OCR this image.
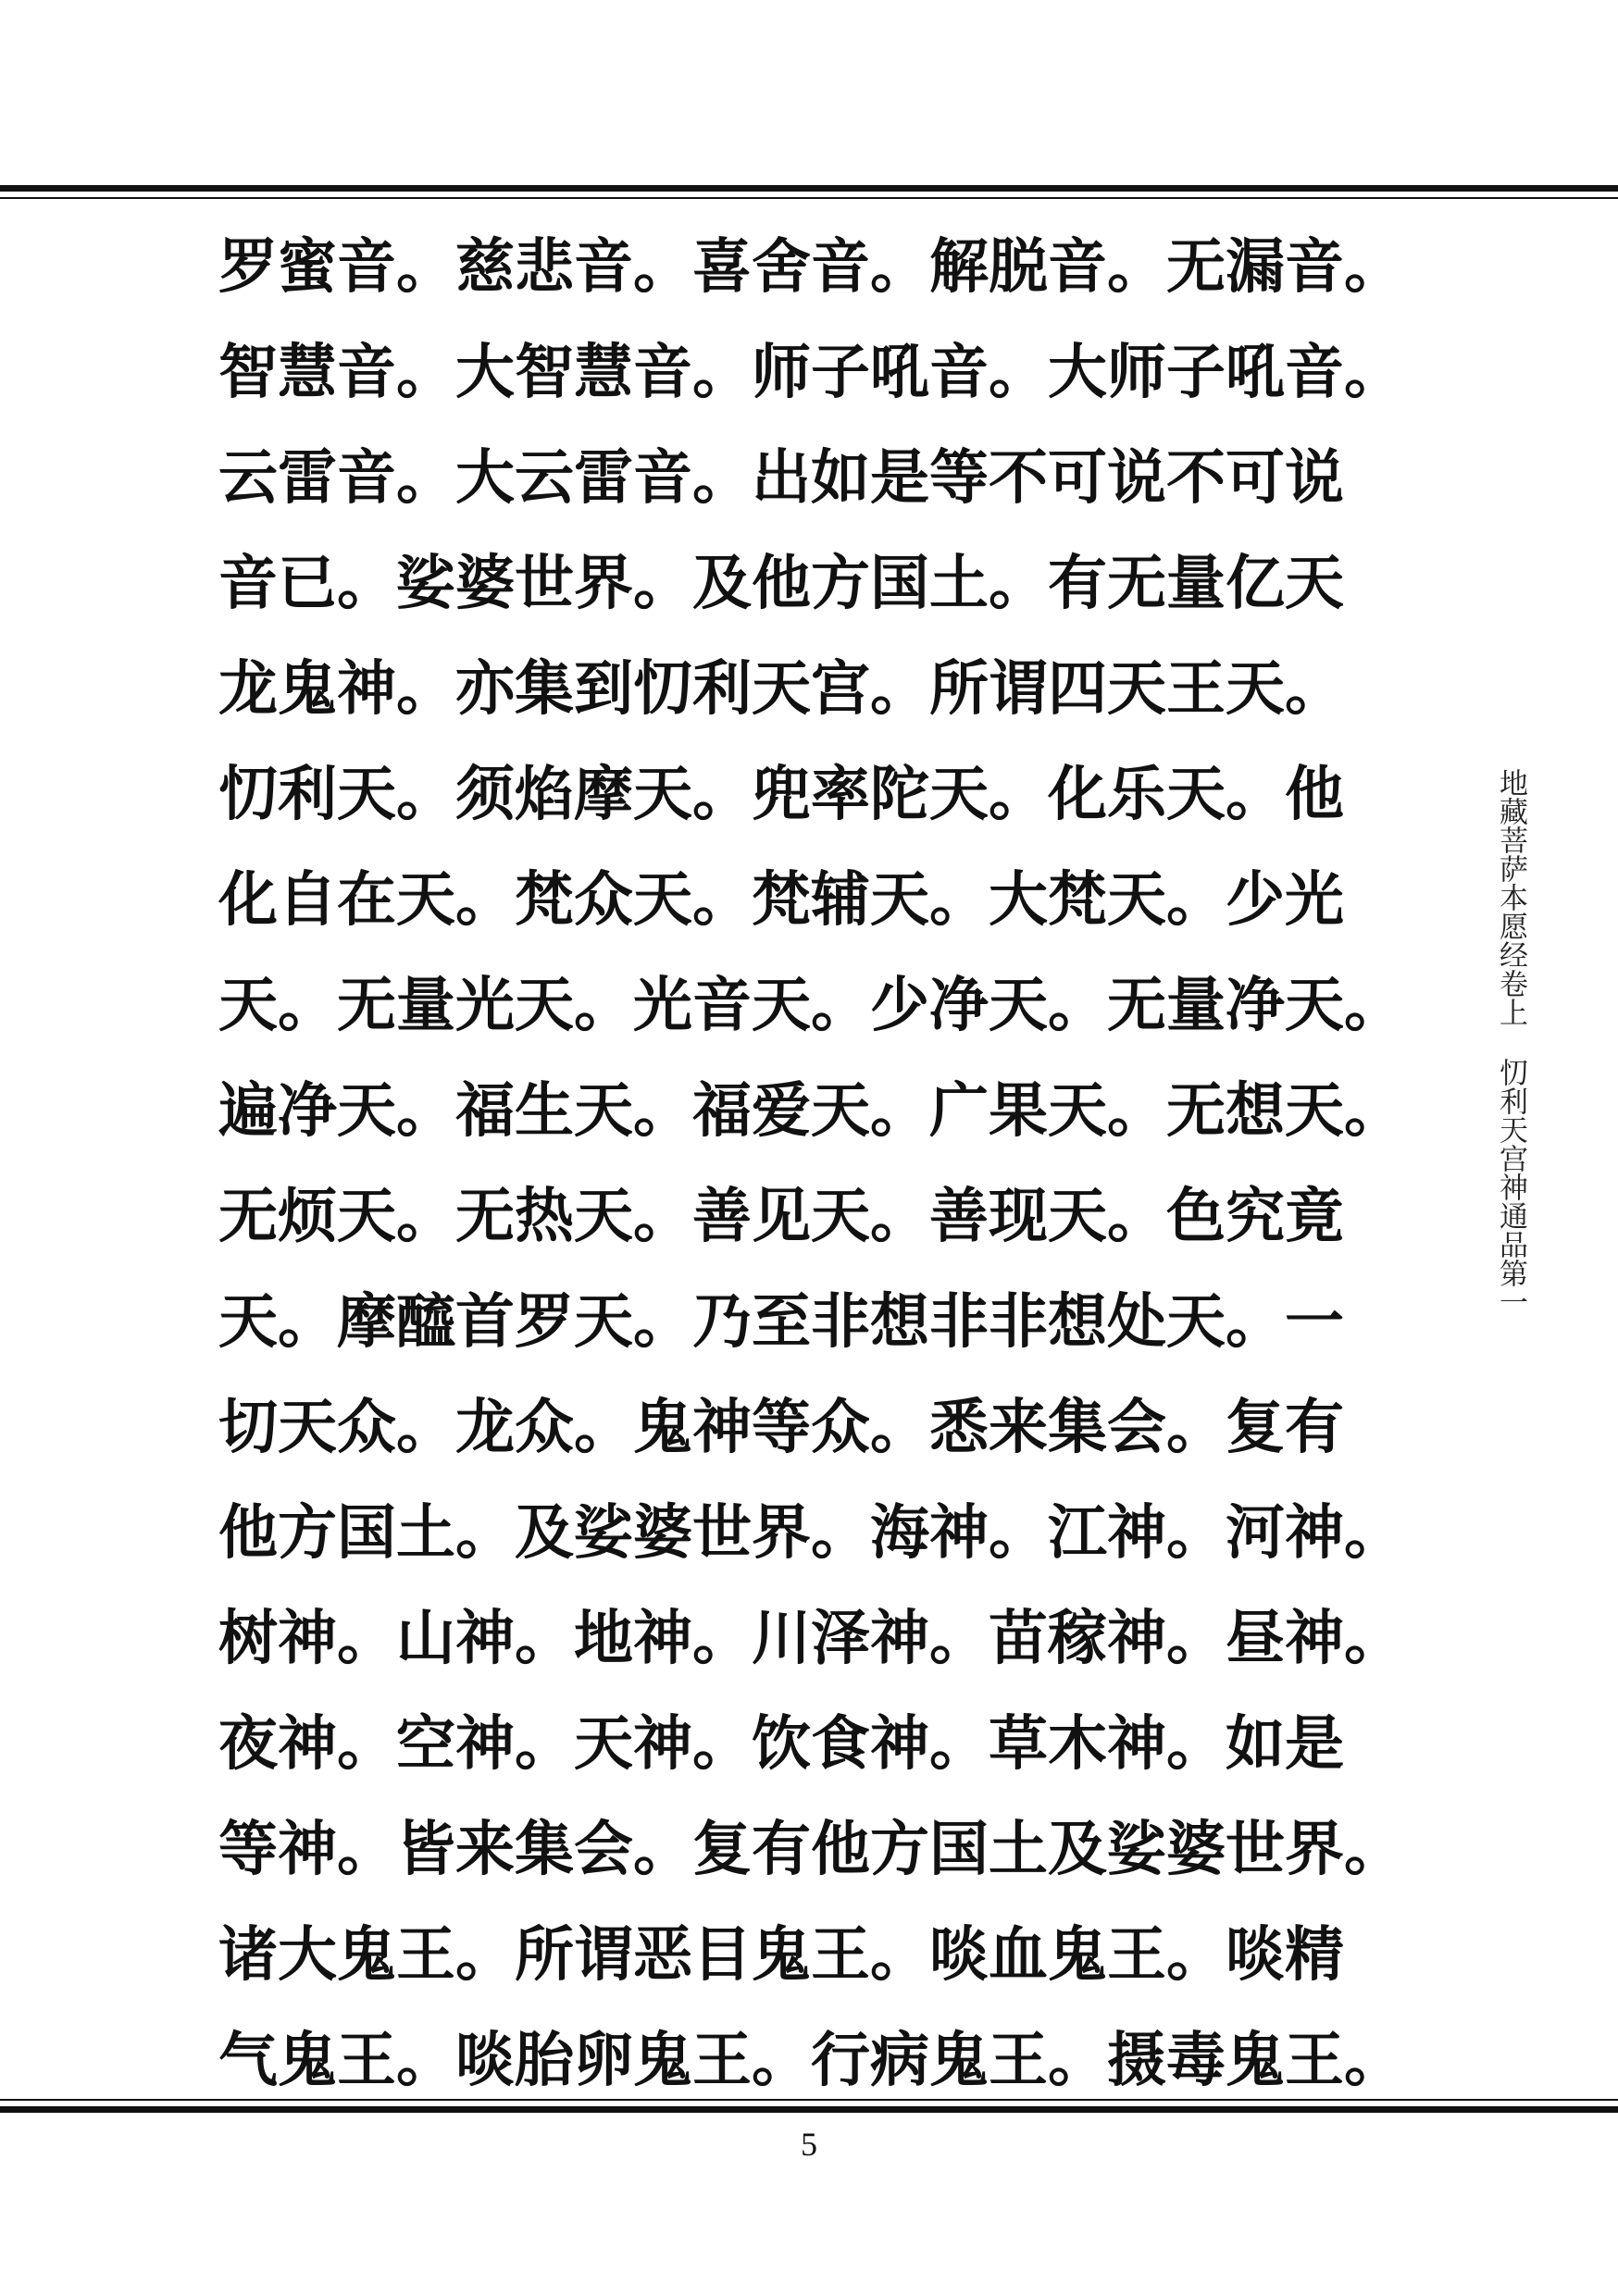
罗蜜音。慈悲音。喜舍音。解脱音。无漏音。
智慧音。大智慧音。师子吼音。大师子吼音。
云雷音。大云雷音。出如是等不可说不可说
音已。娑婆世界。及他方国土。有无量亿天
龙鬼神。亦集到忉利天宫。所谓四天王天。
忉利天。须焰摩天。兜率陀天。化乐天。他
化自在天。梵众天。梵辅天。大梵天。少光
天。无量光天。光音天。少净天。无量净天。
遍净天。福生天。福爱天。广果天。无想天。
无烦天。无热天。善见天。善现天。色究竟
天。摩醯首罗天。乃至非想非非想处天。一
切天众。龙众。鬼神等众。悉来集会。复有
他方国土。及娑婆世界。海神。江神。河神。
树神。山神。地神。川泽神。苗稼神。昼神。
夜神。空神。天神。饮食神。草木神。如是
等神。皆来集会。复有他方国土及娑婆世界。
诸大鬼王。所谓恶目鬼王。啖血鬼王。啖精
气鬼王。啖胎卵鬼王。行病鬼王。摄毒鬼王。
地藏菩萨本愿经卷上忉利天宫神通品第一
5
